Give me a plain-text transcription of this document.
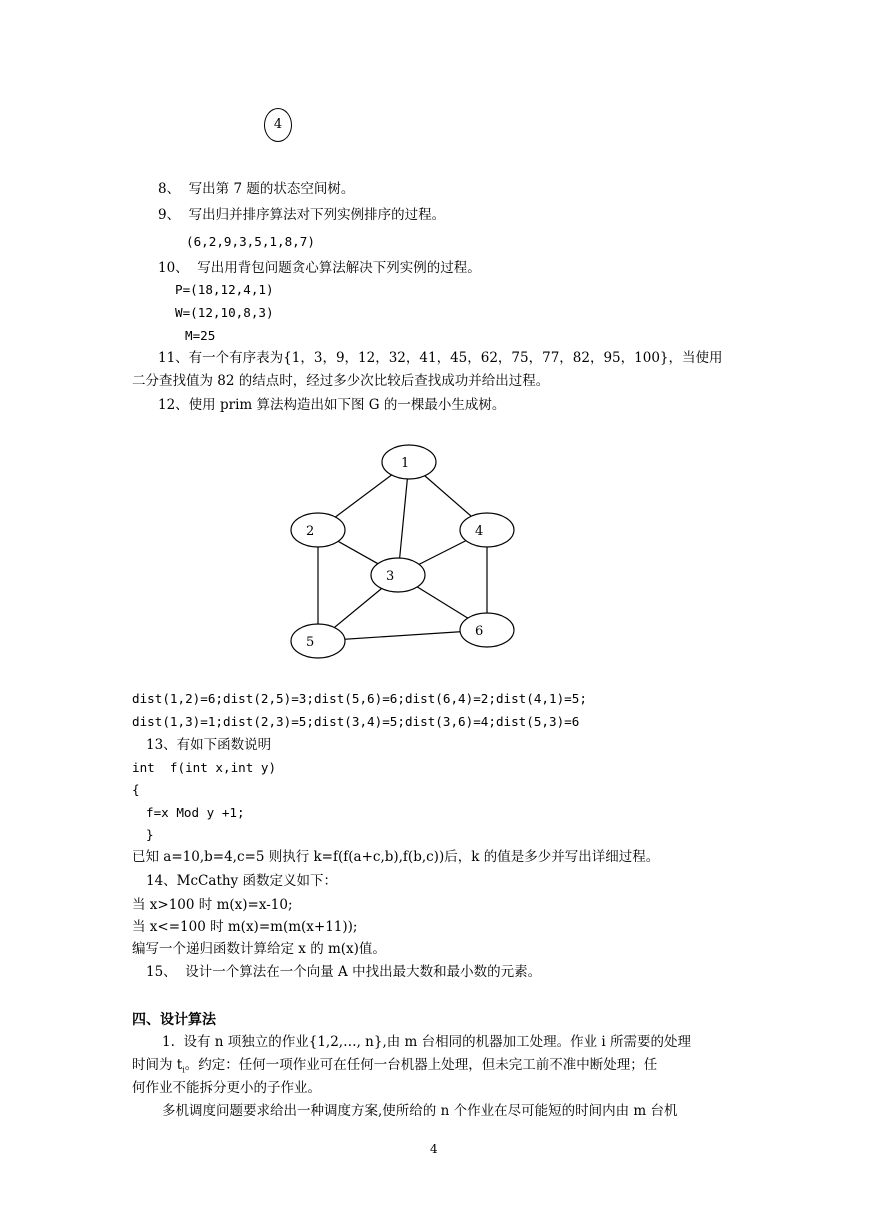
4
8、  写出第 7 题的状态空间树。
9、  写出归并排序算法对下列实例排序的过程。
(6,2,9,3,5,1,8,7)
10、  写出用背包问题贪心算法解决下列实例的过程。
P=(18,12,4,1)
W=(12,10,8,3)
M=25
11、有一个有序表为{1，3，9，12，32，41，45，62，75，77，82，95，100}，当使用
二分查找值为 82 的结点时，经过多少次比较后查找成功并给出过程。
12、使用 prim 算法构造出如下图 G 的一棵最小生成树。
1
2
3
4
5
6
dist(1,2)=6;dist(2,5)=3;dist(5,6)=6;dist(6,4)=2;dist(4,1)=5;
dist(1,3)=1;dist(2,3)=5;dist(3,4)=5;dist(3,6)=4;dist(5,3)=6
13、有如下函数说明
int  f(int x,int y)
{
f=x Mod y +1;
}
已知 a=10,b=4,c=5 则执行 k=f(f(a+c,b),f(b,c))后，k 的值是多少并写出详细过程。
14、McCathy 函数定义如下：
当 x>100 时 m(x)=x-10;
当 x<=100 时 m(x)=m(m(x+11));
编写一个递归函数计算给定 x 的 m(x)值。
15、  设计一个算法在一个向量 A 中找出最大数和最小数的元素。
四、设计算法
1.  设有 n 项独立的作业{1,2,…, n},由 m 台相同的机器加工处理。作业 i 所需要的处理
时间为 $t_i$。约定：任何一项作业可在任何一台机器上处理，但未完工前不准中断处理；任
何作业不能拆分更小的子作业。
多机调度问题要求给出一种调度方案,使所给的 n 个作业在尽可能短的时间内由 m 台机
4
